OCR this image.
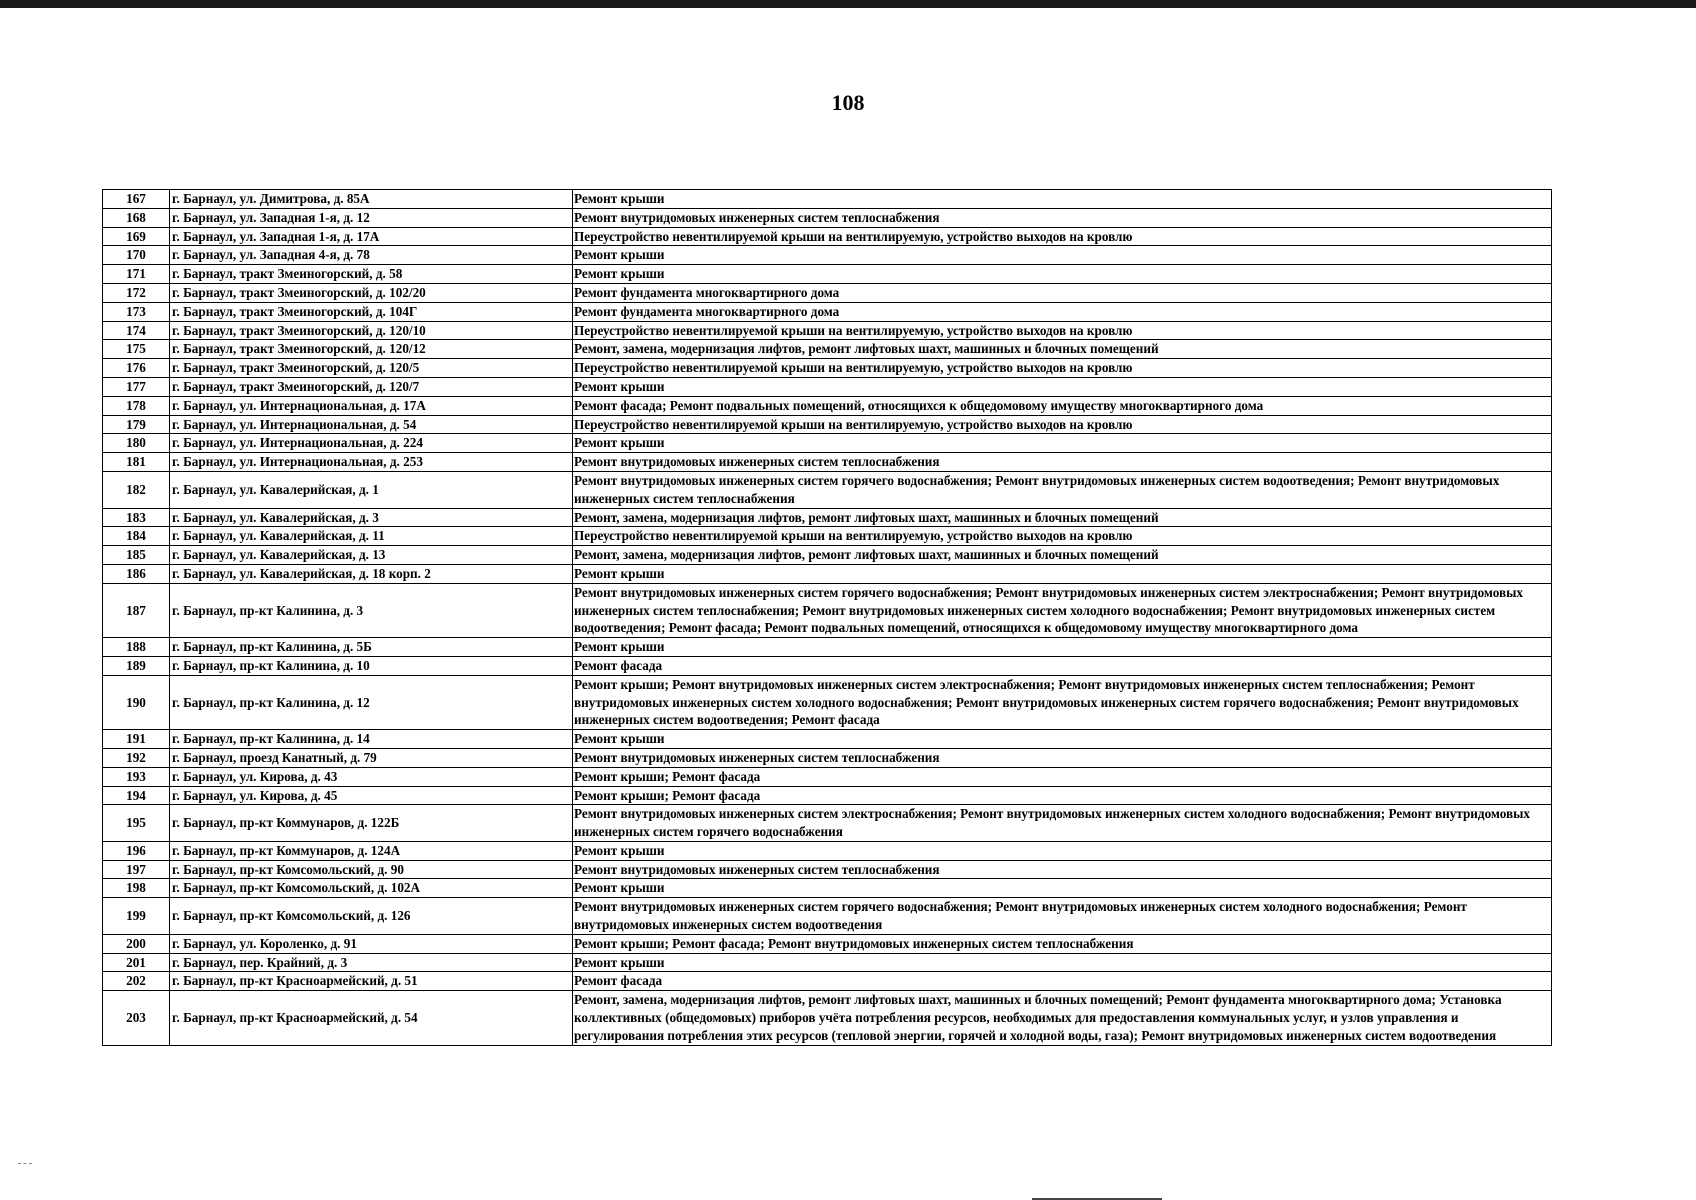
108
167	г. Барнаул, ул. Димитрова, д. 85А	Ремонт крыши
168	г. Барнаул, ул. Западная 1-я, д. 12	Ремонт внутридомовых инженерных систем теплоснабжения
169	г. Барнаул, ул. Западная 1-я, д. 17А	Переустройство невентилируемой крыши на вентилируемую, устройство выходов на кровлю
170	г. Барнаул, ул. Западная 4-я, д. 78	Ремонт крыши
171	г. Барнаул, тракт Змеиногорский, д. 58	Ремонт крыши
172	г. Барнаул, тракт Змеиногорский, д. 102/20	Ремонт фундамента многоквартирного дома
173	г. Барнаул, тракт Змеиногорский, д. 104Г	Ремонт фундамента многоквартирного дома
174	г. Барнаул, тракт Змеиногорский, д. 120/10	Переустройство невентилируемой крыши на вентилируемую, устройство выходов на кровлю
175	г. Барнаул, тракт Змеиногорский, д. 120/12	Ремонт, замена, модернизация лифтов, ремонт лифтовых шахт, машинных и блочных помещений
176	г. Барнаул, тракт Змеиногорский, д. 120/5	Переустройство невентилируемой крыши на вентилируемую, устройство выходов на кровлю
177	г. Барнаул, тракт Змеиногорский, д. 120/7	Ремонт крыши
178	г. Барнаул, ул. Интернациональная, д. 17А	Ремонт фасада; Ремонт подвальных помещений, относящихся к общедомовому имуществу многоквартирного дома
179	г. Барнаул, ул. Интернациональная, д. 54	Переустройство невентилируемой крыши на вентилируемую, устройство выходов на кровлю
180	г. Барнаул, ул. Интернациональная, д. 224	Ремонт крыши
181	г. Барнаул, ул. Интернациональная, д. 253	Ремонт внутридомовых инженерных систем теплоснабжения
182	г. Барнаул, ул. Кавалерийская, д. 1	Ремонт внутридомовых инженерных систем горячего водоснабжения; Ремонт внутридомовых инженерных систем водоотведения; Ремонт внутридомовых инженерных систем теплоснабжения
183	г. Барнаул, ул. Кавалерийская, д. 3	Ремонт, замена, модернизация лифтов, ремонт лифтовых шахт, машинных и блочных помещений
184	г. Барнаул, ул. Кавалерийская, д. 11	Переустройство невентилируемой крыши на вентилируемую, устройство выходов на кровлю
185	г. Барнаул, ул. Кавалерийская, д. 13	Ремонт, замена, модернизация лифтов, ремонт лифтовых шахт, машинных и блочных помещений
186	г. Барнаул, ул. Кавалерийская, д. 18 корп. 2	Ремонт крыши
187	г. Барнаул, пр-кт Калинина, д. 3	Ремонт внутридомовых инженерных систем горячего водоснабжения; Ремонт внутридомовых инженерных систем электроснабжения; Ремонт внутридомовых инженерных систем теплоснабжения; Ремонт внутридомовых инженерных систем холодного водоснабжения; Ремонт внутридомовых инженерных систем водоотведения; Ремонт фасада; Ремонт подвальных помещений, относящихся к общедомовому имуществу многоквартирного дома
188	г. Барнаул, пр-кт Калинина, д. 5Б	Ремонт крыши
189	г. Барнаул, пр-кт Калинина, д. 10	Ремонт фасада
190	г. Барнаул, пр-кт Калинина, д. 12	Ремонт крыши; Ремонт внутридомовых инженерных систем электроснабжения; Ремонт внутридомовых инженерных систем теплоснабжения; Ремонт внутридомовых инженерных систем холодного водоснабжения; Ремонт внутридомовых инженерных систем горячего водоснабжения; Ремонт внутридомовых инженерных систем водоотведения; Ремонт фасада
191	г. Барнаул, пр-кт Калинина, д. 14	Ремонт крыши
192	г. Барнаул, проезд Канатный, д. 79	Ремонт внутридомовых инженерных систем теплоснабжения
193	г. Барнаул, ул. Кирова, д. 43	Ремонт крыши; Ремонт фасада
194	г. Барнаул, ул. Кирова, д. 45	Ремонт крыши; Ремонт фасада
195	г. Барнаул, пр-кт Коммунаров, д. 122Б	Ремонт внутридомовых инженерных систем электроснабжения; Ремонт внутридомовых инженерных систем холодного водоснабжения; Ремонт внутридомовых инженерных систем горячего водоснабжения
196	г. Барнаул, пр-кт Коммунаров, д. 124А	Ремонт крыши
197	г. Барнаул, пр-кт Комсомольский, д. 90	Ремонт внутридомовых инженерных систем теплоснабжения
198	г. Барнаул, пр-кт Комсомольский, д. 102А	Ремонт крыши
199	г. Барнаул, пр-кт Комсомольский, д. 126	Ремонт внутридомовых инженерных систем горячего водоснабжения; Ремонт внутридомовых инженерных систем холодного водоснабжения; Ремонт внутридомовых инженерных систем водоотведения
200	г. Барнаул, ул. Короленко, д. 91	Ремонт крыши; Ремонт фасада; Ремонт внутридомовых инженерных систем теплоснабжения
201	г. Барнаул, пер. Крайний, д. 3	Ремонт крыши
202	г. Барнаул, пр-кт Красноармейский, д. 51	Ремонт фасада
203	г. Барнаул, пр-кт Красноармейский, д. 54	Ремонт, замена, модернизация лифтов, ремонт лифтовых шахт, машинных и блочных помещений; Ремонт фундамента многоквартирного дома; Установка коллективных (общедомовых) приборов учёта потребления ресурсов, необходимых для предоставления коммунальных услуг, и узлов управления и регулирования потребления этих ресурсов (тепловой энергии, горячей и холодной воды, газа); Ремонт внутридомовых инженерных систем водоотведения
